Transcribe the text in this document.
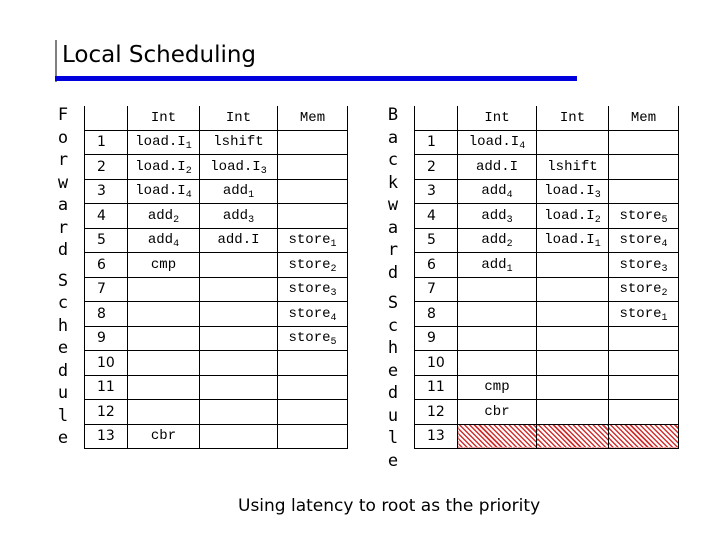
Local Scheduling
F
o
r
w
a
r
d
S
c
h
e
d
u
l
e
B
a
c
k
w
a
r
d
S
c
h
e
d
u
l
e
	Int	Int	Mem
1	$load.I_1$	lshift	
2	$load.I_2$	$load.I_3$	
3	$load.I_4$	add$_1$	
4	add$_2$	add$_3$	
5	add$_4$	add.I	store$_1$
6	cmp		store$_2$
7			store$_3$
8			store$_4$
9			store$_5$
10			
11			
12			
13	cbr		
	Int	Int	Mem
1	$load.I_4$		
2	add.I	lshift	
3	add$_4$	$load.I_3$	
4	add$_3$	$load.I_2$	store$_5$
5	add$_2$	$load.I_1$	store$_4$
6	add$_1$		store$_3$
7			store$_2$
8			store$_1$
9			
10			
11	cmp		
12	cbr		
13			
Using latency to root as the priority
